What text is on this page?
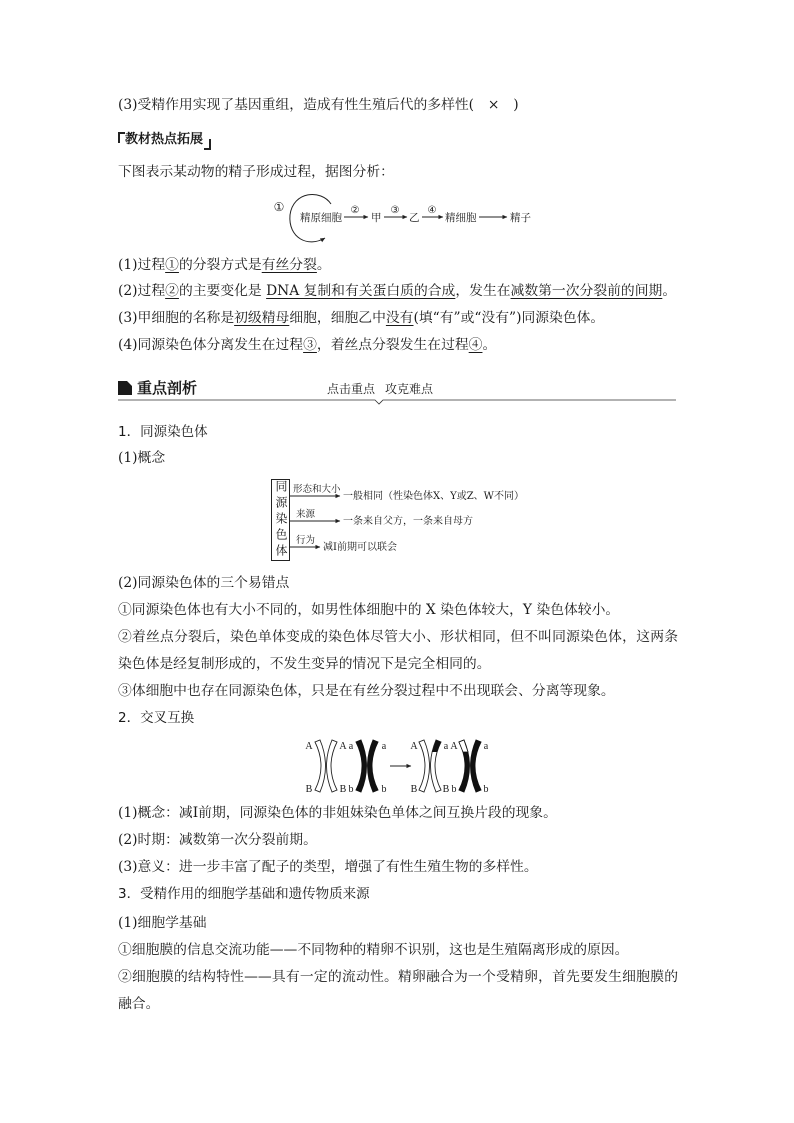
(3)受精作用实现了基因重组，造成有性生殖后代的多样性(　×　)
教材热点拓展
下图表示某动物的精子形成过程，据图分析：
①
精原细胞
②
甲
③
乙
④
精细胞	精子
(1)过程①的分裂方式是有丝分裂。
(2)过程②的主要变化是 DNA 复制和有关蛋白质的合成，发生在减数第一次分裂前的间期。
(3)甲细胞的名称是初级精母细胞，细胞乙中没有(填“有”或“没有”)同源染色体。
(4)同源染色体分离发生在过程③，着丝点分裂发生在过程④。
重点剖析	点击重点 攻克难点
1．同源染色体
(1)概念
同源染色体 形态和大小
一般相同（性染色体X、Y或Z、W不同）
来源
一条来自父方，一条来自母方
行为
减Ⅰ前期可以联会
(2)同源染色体的三个易错点
①同源染色体也有大小不同的，如男性体细胞中的 X 染色体较大，Y 染色体较小。
②着丝点分裂后，染色单体变成的染色体尽管大小、形状相同，但不叫同源染色体，这两条
染色体是经复制形成的，不发生变异的情况下是完全相同的。
③体细胞中也存在同源染色体，只是在有丝分裂过程中不出现联会、分离等现象。
2．交叉互换
A	A a	a
B	B b	b
A	a A	a
B	B b	b
(1)概念：减Ⅰ前期，同源染色体的非姐妹染色单体之间互换片段的现象。
(2)时期：减数第一次分裂前期。
(3)意义：进一步丰富了配子的类型，增强了有性生殖生物的多样性。
3．受精作用的细胞学基础和遗传物质来源
(1)细胞学基础
①细胞膜的信息交流功能——不同物种的精卵不识别，这也是生殖隔离形成的原因。
②细胞膜的结构特性——具有一定的流动性。精卵融合为一个受精卵，首先要发生细胞膜的
融合。
